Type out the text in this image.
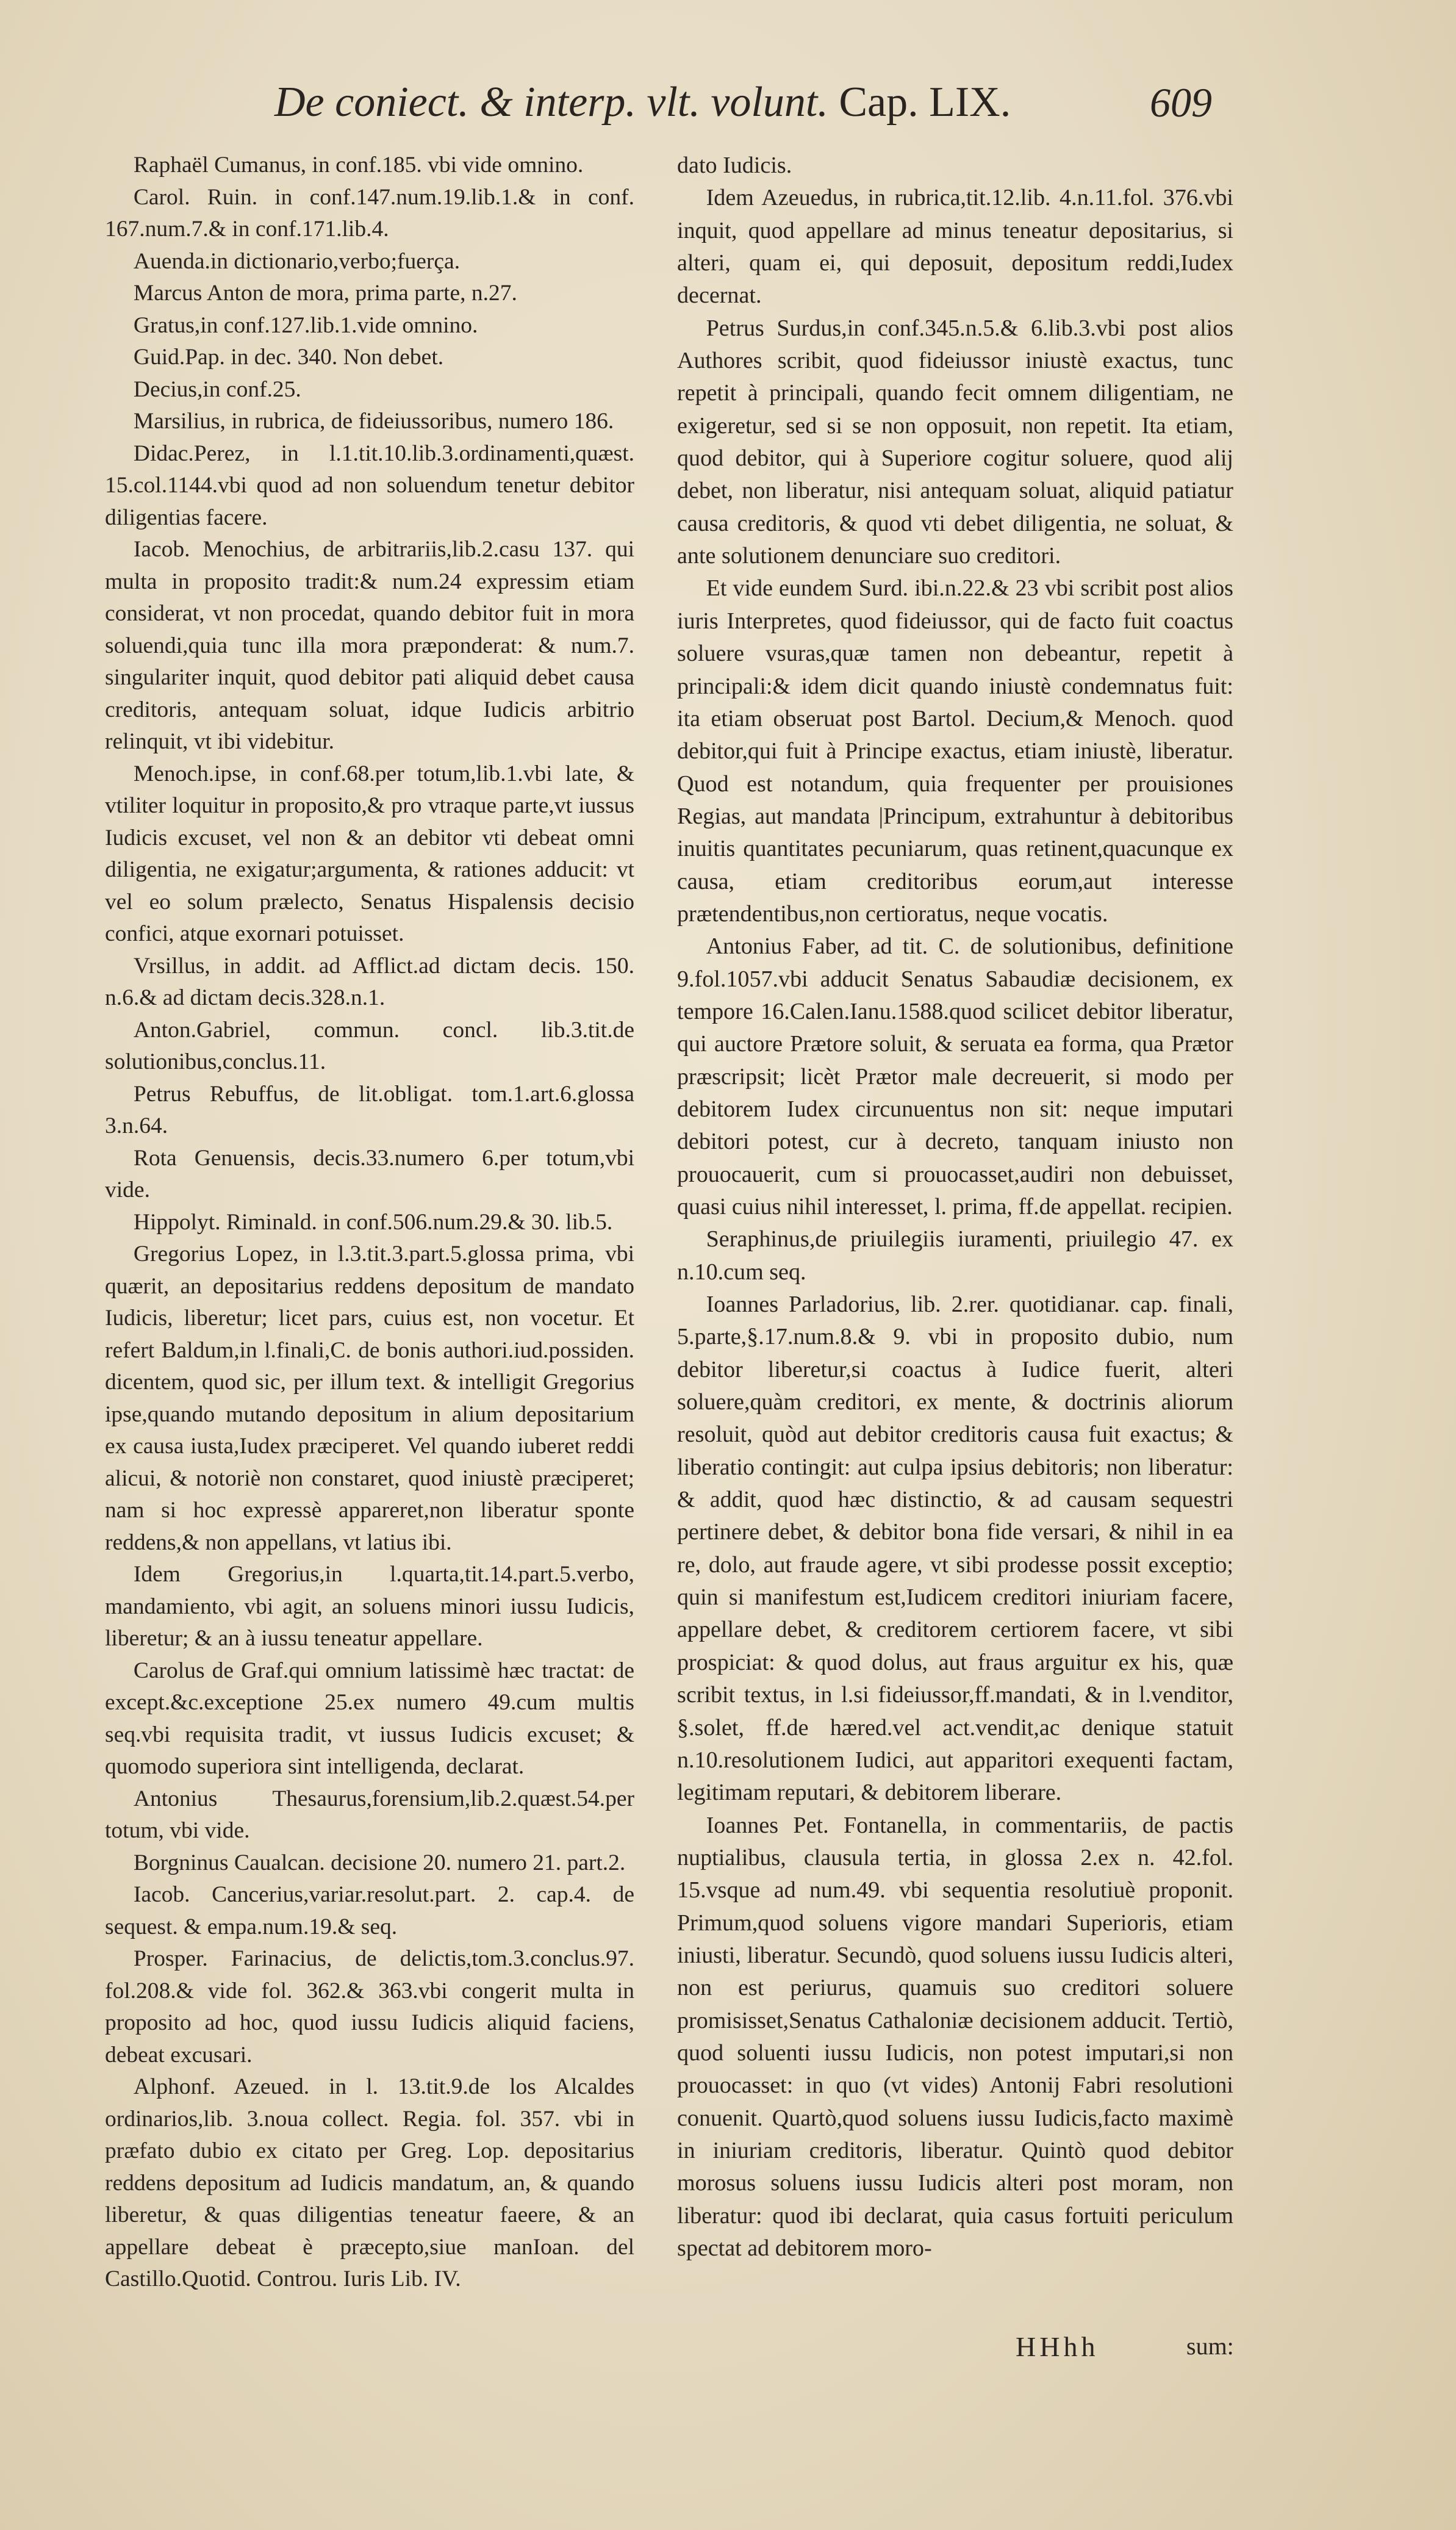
De coniect. & interp. vlt. volunt. Cap. LIX.	609

Raphaël Cumanus, in conf.185. vbi vide omnino.

Carol. Ruin. in conf.147.num.19.lib.1.& in conf. 167.num.7.& in conf.171.lib.4.

Auenda.in dictionario,verbo;fuerça.

Marcus Anton de mora, prima parte, n.27.

Gratus,in conf.127.lib.1.vide omnino.

Guid.Pap. in dec. 340. Non debet.

Decius,in conf.25.

Marsilius, in rubrica, de fideiussoribus, numero 186.

Didac.Perez, in l.1.tit.10.lib.3.ordinamenti,quæst. 15.col.1144.vbi quod ad non soluendum tenetur debitor diligentias facere.

Iacob. Menochius, de arbitrariis,lib.2.casu 137. qui multa in proposito tradit:& num.24 expressim etiam considerat, vt non procedat, quando debitor fuit in mora soluendi,quia tunc illa mora præponderat: & num.7. singulariter inquit, quod debitor pati aliquid debet causa creditoris, antequam soluat, idque Iudicis arbitrio relinquit, vt ibi videbitur.

Menoch.ipse, in conf.68.per totum,lib.1.vbi late, & vtiliter loquitur in proposito,& pro vtraque parte,vt iussus Iudicis excuset, vel non & an debitor vti debeat omni diligentia, ne exigatur;argumenta, & rationes adducit: vt vel eo solum prælecto, Senatus Hispalensis decisio confici, atque exornari potuisset.

Vrsillus, in addit. ad Afflict.ad dictam decis. 150. n.6.& ad dictam decis.328.n.1.

Anton.Gabriel, commun. concl. lib.3.tit.de solutionibus,conclus.11.

Petrus Rebuffus, de lit.obligat. tom.1.art.6.glossa 3.n.64.

Rota Genuensis, decis.33.numero 6.per totum,vbi vide.

Hippolyt. Riminald. in conf.506.num.29.& 30. lib.5.

Gregorius Lopez, in l.3.tit.3.part.5.glossa prima, vbi quærit, an depositarius reddens depositum de mandato Iudicis, liberetur; licet pars, cuius est, non vocetur. Et refert Baldum,in l.finali,C. de bonis authori.iud.possiden. dicentem, quod sic, per illum text. & intelligit Gregorius ipse,quando mutando depositum in alium depositarium ex causa iusta,Iudex præciperet. Vel quando iuberet reddi alicui, & notoriè non constaret, quod iniustè præciperet; nam si hoc expressè appareret,non liberatur sponte reddens,& non appellans, vt latius ibi.

Idem Gregorius,in l.quarta,tit.14.part.5.verbo, mandamiento, vbi agit, an soluens minori iussu Iudicis, liberetur; & an à iussu teneatur appellare.

Carolus de Graf.qui omnium latissimè hæc tractat: de except.&c.exceptione 25.ex numero 49.cum multis seq.vbi requisita tradit, vt iussus Iudicis excuset; & quomodo superiora sint intelligenda, declarat.

Antonius Thesaurus,forensium,lib.2.quæst.54.per totum, vbi vide.

Borgninus Caualcan. decisione 20. numero 21. part.2.

Iacob. Cancerius,variar.resolut.part. 2. cap.4. de sequest. & empa.num.19.& seq.

Prosper. Farinacius, de delictis,tom.3.conclus.97. fol.208.& vide fol. 362.& 363.vbi congerit multa in proposito ad hoc, quod iussu Iudicis aliquid faciens, debeat excusari.

Alphonf. Azeued. in l. 13.tit.9.de los Alcaldes ordinarios,lib. 3.noua collect. Regia. fol. 357. vbi in præfato dubio ex citato per Greg. Lop. depositarius reddens depositum ad Iudicis mandatum, an, & quando liberetur, & quas diligentias teneatur faeere, & an appellare debeat è præcepto,siue manIoan. del Castillo.Quotid. Controu. Iuris Lib. IV.

dato Iudicis.

Idem Azeuedus, in rubrica,tit.12.lib. 4.n.11.fol. 376.vbi inquit, quod appellare ad minus teneatur depositarius, si alteri, quam ei, qui deposuit, depositum reddi,Iudex decernat.

Petrus Surdus,in conf.345.n.5.& 6.lib.3.vbi post alios Authores scribit, quod fideiussor iniustè exactus, tunc repetit à principali, quando fecit omnem diligentiam, ne exigeretur, sed si se non opposuit, non repetit. Ita etiam, quod debitor, qui à Superiore cogitur soluere, quod alij debet, non liberatur, nisi antequam soluat, aliquid patiatur causa creditoris, & quod vti debet diligentia, ne soluat, & ante solutionem denunciare suo creditori.

Et vide eundem Surd. ibi.n.22.& 23 vbi scribit post alios iuris Interpretes, quod fideiussor, qui de facto fuit coactus soluere vsuras,quæ tamen non debeantur, repetit à principali:& idem dicit quando iniustè condemnatus fuit: ita etiam obseruat post Bartol. Decium,& Menoch. quod debitor,qui fuit à Principe exactus, etiam iniustè, liberatur. Quod est notandum, quia frequenter per prouisiones Regias, aut mandata |Principum, extrahuntur à debitoribus inuitis quantitates pecuniarum, quas retinent,quacunque ex causa, etiam creditoribus eorum,aut interesse prætendentibus,non certioratus, neque vocatis.

Antonius Faber, ad tit. C. de solutionibus, definitione 9.fol.1057.vbi adducit Senatus Sabaudiæ decisionem, ex tempore 16.Calen.Ianu.1588.quod scilicet debitor liberatur, qui auctore Prætore soluit, & seruata ea forma, qua Prætor præscripsit; licèt Prætor male decreuerit, si modo per debitorem Iudex circunuentus non sit: neque imputari debitori potest, cur à decreto, tanquam iniusto non prouocauerit, cum si prouocasset,audiri non debuisset, quasi cuius nihil interesset, l. prima, ff.de appellat. recipien.

Seraphinus,de priuilegiis iuramenti, priuilegio 47. ex n.10.cum seq.

Ioannes Parladorius, lib. 2.rer. quotidianar. cap. finali, 5.parte,§.17.num.8.& 9. vbi in proposito dubio, num debitor liberetur,si coactus à Iudice fuerit, alteri soluere,quàm creditori, ex mente, & doctrinis aliorum resoluit, quòd aut debitor creditoris causa fuit exactus; & liberatio contingit: aut culpa ipsius debitoris; non liberatur: & addit, quod hæc distinctio, & ad causam sequestri pertinere debet, & debitor bona fide versari, & nihil in ea re, dolo, aut fraude agere, vt sibi prodesse possit exceptio; quin si manifestum est,Iudicem creditori iniuriam facere, appellare debet, & creditorem certiorem facere, vt sibi prospiciat: & quod dolus, aut fraus arguitur ex his, quæ scribit textus, in l.si fideiussor,ff.mandati, & in l.venditor, §.solet, ff.de hæred.vel act.vendit,ac denique statuit n.10.resolutionem Iudici, aut apparitori exequenti factam, legitimam reputari, & debitorem liberare.

Ioannes Pet. Fontanella, in commentariis, de pactis nuptialibus, clausula tertia, in glossa 2.ex n. 42.fol. 15.vsque ad num.49. vbi sequentia resolutiuè proponit. Primum,quod soluens vigore mandari Superioris, etiam iniusti, liberatur. Secundò, quod soluens iussu Iudicis alteri, non est periurus, quamuis suo creditori soluere promisisset,Senatus Cathaloniæ decisionem adducit. Tertiò, quod soluenti iussu Iudicis, non potest imputari,si non prouocasset: in quo (vt vides) Antonij Fabri resolutioni conuenit. Quartò,quod soluens iussu Iudicis,facto maximè in iniuriam creditoris, liberatur. Quintò quod debitor morosus soluens iussu Iudicis alteri post moram, non liberatur: quod ibi declarat, quia casus fortuiti periculum spectat ad debitorem moro-

HHhh	sum:
